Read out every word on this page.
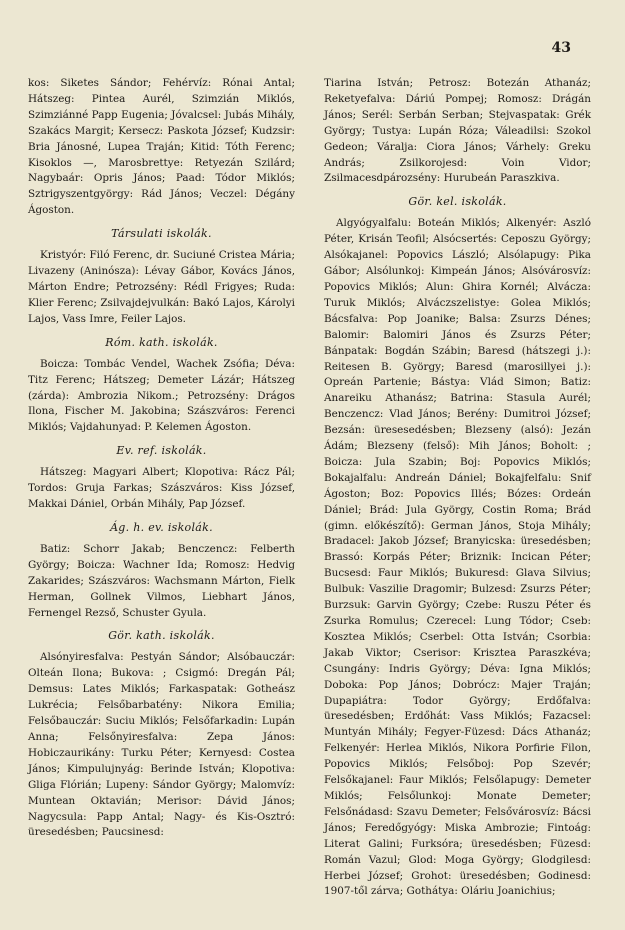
43

kos: Siketes Sándor; Fehérvíz: Rónai Antal; Hátszeg: Pintea Aurél, Szimzián Miklós, Szimziánné Papp Eugenia; Jóvalcsel: Jubás Mihály, Szakács Margit; Kersecz: Paskota József; Kudzsir: Bria Jánosné, Lupea Traján; Kitid: Tóth Ferenc; Kisoklos —, Marosbrettye: Retyezán Szilárd; Nagybaár: Opris János; Paad: Tódor Miklós; Sztrigyszentgyörgy: Rád János; Veczel: Dégány Ágoston.

Társulati iskolák.

Kristyór: Filó Ferenc, dr. Suciuné Cristea Mária; Livazeny (Aninósza): Lévay Gábor, Kovács János, Márton Endre; Petrozsény: Rédl Frigyes; Ruda: Klier Ferenc; Zsilvajdejvulkán: Bakó Lajos, Károlyi Lajos, Vass Imre, Feiler Lajos.

Róm. kath. iskolák.

Boicza: Tombác Vendel, Wachek Zsófia; Déva: Titz Ferenc; Hátszeg; Demeter Lázár; Hátszeg (zárda): Ambrozia Nikom.; Petrozsény: Drágos Ilona, Fischer M. Jakobina; Szászváros: Ferenci Miklós; Vajdahunyad: P. Kelemen Ágoston.

Ev. ref. iskolák.

Hátszeg: Magyari Albert; Klopotiva: Rácz Pál; Tordos: Gruja Farkas; Szászváros: Kiss József, Makkai Dániel, Orbán Mihály, Pap József.

Ág. h. ev. iskolák.

Batiz: Schorr Jakab; Benczencz: Felberth György; Boicza: Wachner Ida; Romosz: Hedvig Zakarides; Szászváros: Wachsmann Márton, Fielk Herman, Gollnek Vilmos, Liebhart János, Fernengel Rezső, Schuster Gyula.

Gör. kath. iskolák.

Alsónyiresfalva: Pestyán Sándor; Alsóbauczár: Olteán Ilona; Bukova: ; Csigmó: Dregán Pál; Demsus: Lates Miklós; Farkaspatak: Gotheász Lukrécia; Felsőbarbatény: Nikora Emilia; Felsőbauczár: Suciu Miklós; Felsőfarkadin: Lupán Anna; Felsőnyiresfalva: Zepa János: Hobiczaurikány: Turku Péter; Kernyesd: Costea János; Kimpulujnyág: Berinde István; Klopotiva: Gliga Flórián; Lupeny: Sándor György; Malomvíz: Muntean Oktavián; Merisor: Dávid János; Nagycsula: Papp Antal; Nagy- és Kis-Osztró: üresedésben; Paucsinesd:

Tiarina István; Petrosz: Botezán Athanáz; Reketyefalva: Dáriú Pompej; Romosz: Drágán János; Serél: Serbán Serban; Stejvaspatak: Grék György; Tustya: Lupán Róza; Váleadilsi: Szokol Gedeon; Váralja: Ciora János; Várhely: Greku András; Zsilkorojesd: Voin Vidor; Zsilmacesdpározsény: Hurubeán Paraszkiva.

Gör. kel. iskolák.

Algyógyalfalu: Boteán Miklós; Alkenyér: Aszló Péter, Krisán Teofil; Alsócsertés: Ceposzu György; Alsókajanel: Popovics László; Alsólapugy: Pika Gábor; Alsólunkoj: Kimpeán János; Alsóvárosvíz: Popovics Miklós; Alun: Ghira Kornél; Alváczа: Turuk Miklós; Alváczszelistye: Golea Miklós; Bácsfalva: Pop Joanike; Balsa: Zsurzs Dénes; Balomir: Balomiri János és Zsurzs Péter; Bánpatak: Bogdán Szábin; Baresd (hátszegi j.): Reitesen B. György; Baresd (marosillyei j.): Opreán Partenie; Bástya: Vlád Simon; Batiz: Anareiku Athanász; Batrina: Stasula Aurél; Benczencz: Vlad János; Berény: Dumitroi József; Bezsán: üresesedésben; Blezseny (alsó): Jezán Ádám; Blezseny (felső): Mih János; Boholt: ; Boicza: Jula Szabin; Boj: Popovics Miklós; Bokajalfalu: Andreán Dániel; Bokajfelfalu: Snif Ágoston; Boz: Popovics Illés; Bózes: Ordeán Dániel; Brád: Jula György, Costin Roma; Brád (gimn. előkészítő): German János, Stoja Mihály; Bradacel: Jakob József; Branyicska: üresedésben; Brassó: Korpás Péter; Briznik: Incican Péter; Bucsesd: Faur Miklós; Bukuresd: Glava Silvius; Bulbuk: Vaszilie Dragomir; Bulzesd: Zsurzs Péter; Burzsuk: Garvin György; Czebe: Ruszu Péter és Zsurka Romulus; Czerecel: Lung Tódor; Cseb: Kosztea Miklós; Cserbel: Otta István; Csorbia: Jakab Viktor; Cserisor: Krisztea Paraszkéva; Csungány: Indris György; Déva: Igna Miklós; Doboka: Pop János; Dobrócz: Majer Traján; Dupapiátra: Todor György; Erdőfalva: üresedésben; Erdőhát: Vass Miklós; Fazacsel: Muntyán Mihály; Fegyer-Füzesd: Dács Athanáz; Felkenyér: Herlea Miklós, Nikora Porfirie Filon, Popovics Miklós; Felsőboj: Pop Szevér; Felsőkajanel: Faur Miklós; Felsőlapugy: Demeter Miklós; Felsőlunkoj: Monate Demeter; Felsőnádasd: Szavu Demeter; Felsővárosvíz: Bácsi János; Feredőgyógy: Miska Ambrozie; Fintoág: Literat Galini; Furksóra; üresedésben; Füzesd: Román Vazul; Glod: Moga György; Glodgilesd: Herbei József; Grohot: üresedésben; Godinesd: 1907-től zárva; Gothátya: Oláriu Joanichius;
